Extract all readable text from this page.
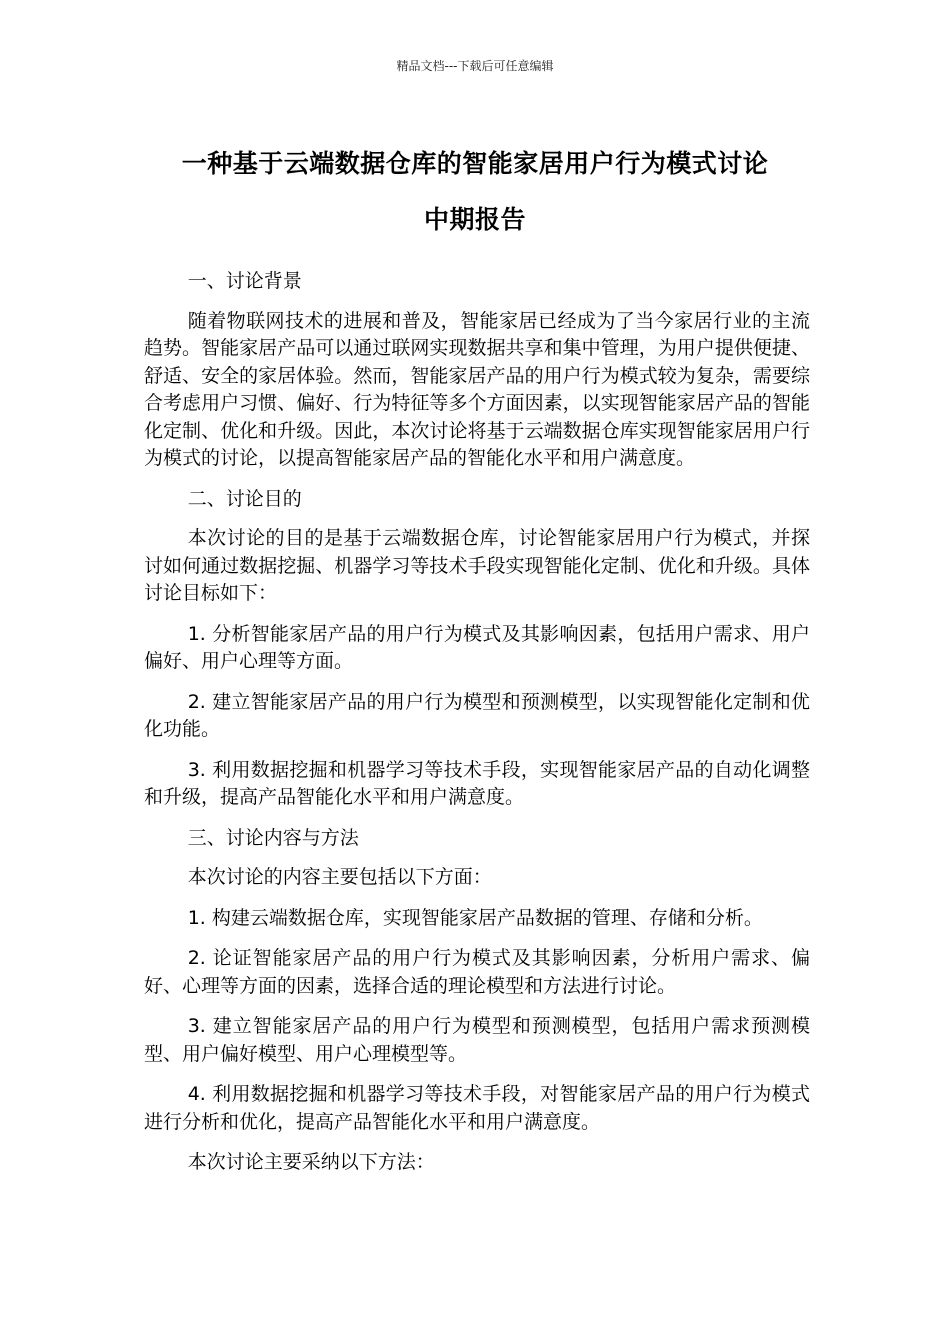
精品文档---下载后可任意编辑
一种基于云端数据仓库的智能家居用户行为模式讨论
中期报告

一、讨论背景

随着物联网技术的进展和普及，智能家居已经成为了当今家居行业的主流趋势。智能家居产品可以通过联网实现数据共享和集中管理，为用户提供便捷、舒适、安全的家居体验。然而，智能家居产品的用户行为模式较为复杂，需要综合考虑用户习惯、偏好、行为特征等多个方面因素，以实现智能家居产品的智能化定制、优化和升级。因此，本次讨论将基于云端数据仓库实现智能家居用户行为模式的讨论，以提高智能家居产品的智能化水平和用户满意度。

二、讨论目的

本次讨论的目的是基于云端数据仓库，讨论智能家居用户行为模式，并探讨如何通过数据挖掘、机器学习等技术手段实现智能化定制、优化和升级。具体讨论目标如下：

1. 分析智能家居产品的用户行为模式及其影响因素，包括用户需求、用户偏好、用户心理等方面。

2. 建立智能家居产品的用户行为模型和预测模型，以实现智能化定制和优化功能。

3. 利用数据挖掘和机器学习等技术手段，实现智能家居产品的自动化调整和升级，提高产品智能化水平和用户满意度。

三、讨论内容与方法

本次讨论的内容主要包括以下方面：

1. 构建云端数据仓库，实现智能家居产品数据的管理、存储和分析。

2. 论证智能家居产品的用户行为模式及其影响因素，分析用户需求、偏好、心理等方面的因素，选择合适的理论模型和方法进行讨论。

3. 建立智能家居产品的用户行为模型和预测模型，包括用户需求预测模型、用户偏好模型、用户心理模型等。

4. 利用数据挖掘和机器学习等技术手段，对智能家居产品的用户行为模式进行分析和优化，提高产品智能化水平和用户满意度。

本次讨论主要采纳以下方法：
